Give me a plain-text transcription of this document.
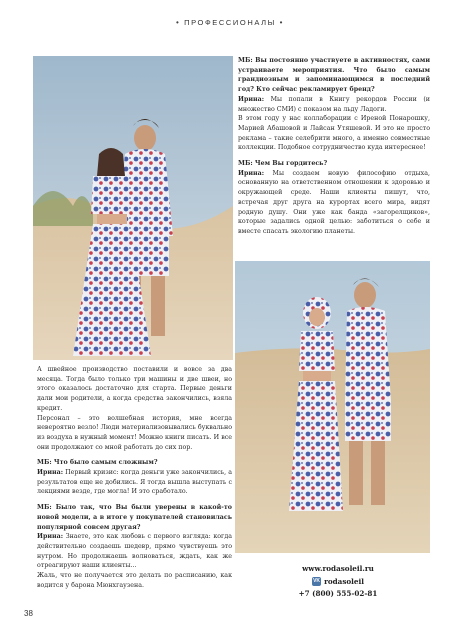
• ПРОФЕССИОНАЛЫ •

МБ: Вы постоянно участвуете в активностях, сами устраиваете мероприятия. Что было самым грандиозным и запоминающимся в последний год? Кто сейчас рекламирует бренд?

Ирина: Мы попали в Книгу рекордов России (и множество СМИ) с показом на льду Ладоги.

В этом году у нас коллаборации с Иреной Понарошку, Марией Абашовой и Лайсан Утяшевой. И это не просто реклама – такие селебрити много, а именно совместные коллекции. Подобное сотрудничество куда интереснее!

МБ: Чем Вы гордитесь?

Ирина: Мы создаем новую философию отдыха, основанную на ответственном отношении к здоровью и окружающей среде. Наши клиенты пишут, что, встречая друг друга на курортах всего мира, видят родную душу. Они уже как банда «загорелщиков», которые задались одной целью: заботиться о себе и вместе спасать экологию планеты.

А швейное производство поставили и вовсе за два месяца. Тогда было только три машины и две швеи, но этого оказалось достаточно для старта. Первые деньги дали мои родители, а когда средства закончились, взяла кредит.

Персонал – это волшебная история, мне всегда невероятно везло! Люди материализовывались буквально из воздуха в нужный момент! Можно книги писать. И все они продолжают со мной работать до сих пор.

МБ: Что было самым сложным?

Ирина: Первый кризис: когда деньги уже закончились, а результатов еще не добились. Я тогда вышла выступать с лекциями везде, где могла! И это сработало.

МБ: Было так, что Вы были уверены в какой-то новой модели, а в итоге у покупателей становилась популярной совсем другая?

Ирина: Знаете, это как любовь с первого взгляда: когда действительно создаешь шедевр, прямо чувствуешь это нутром. Но продолжаешь волноваться, ждать, как же отреагируют наши клиенты...

Жаль, что не получается это делать по расписанию, как водится у барона Мюнхгаузена.

www.rodasoleil.ru
VK rodasoleil
+7 (800) 555-02-81
38
